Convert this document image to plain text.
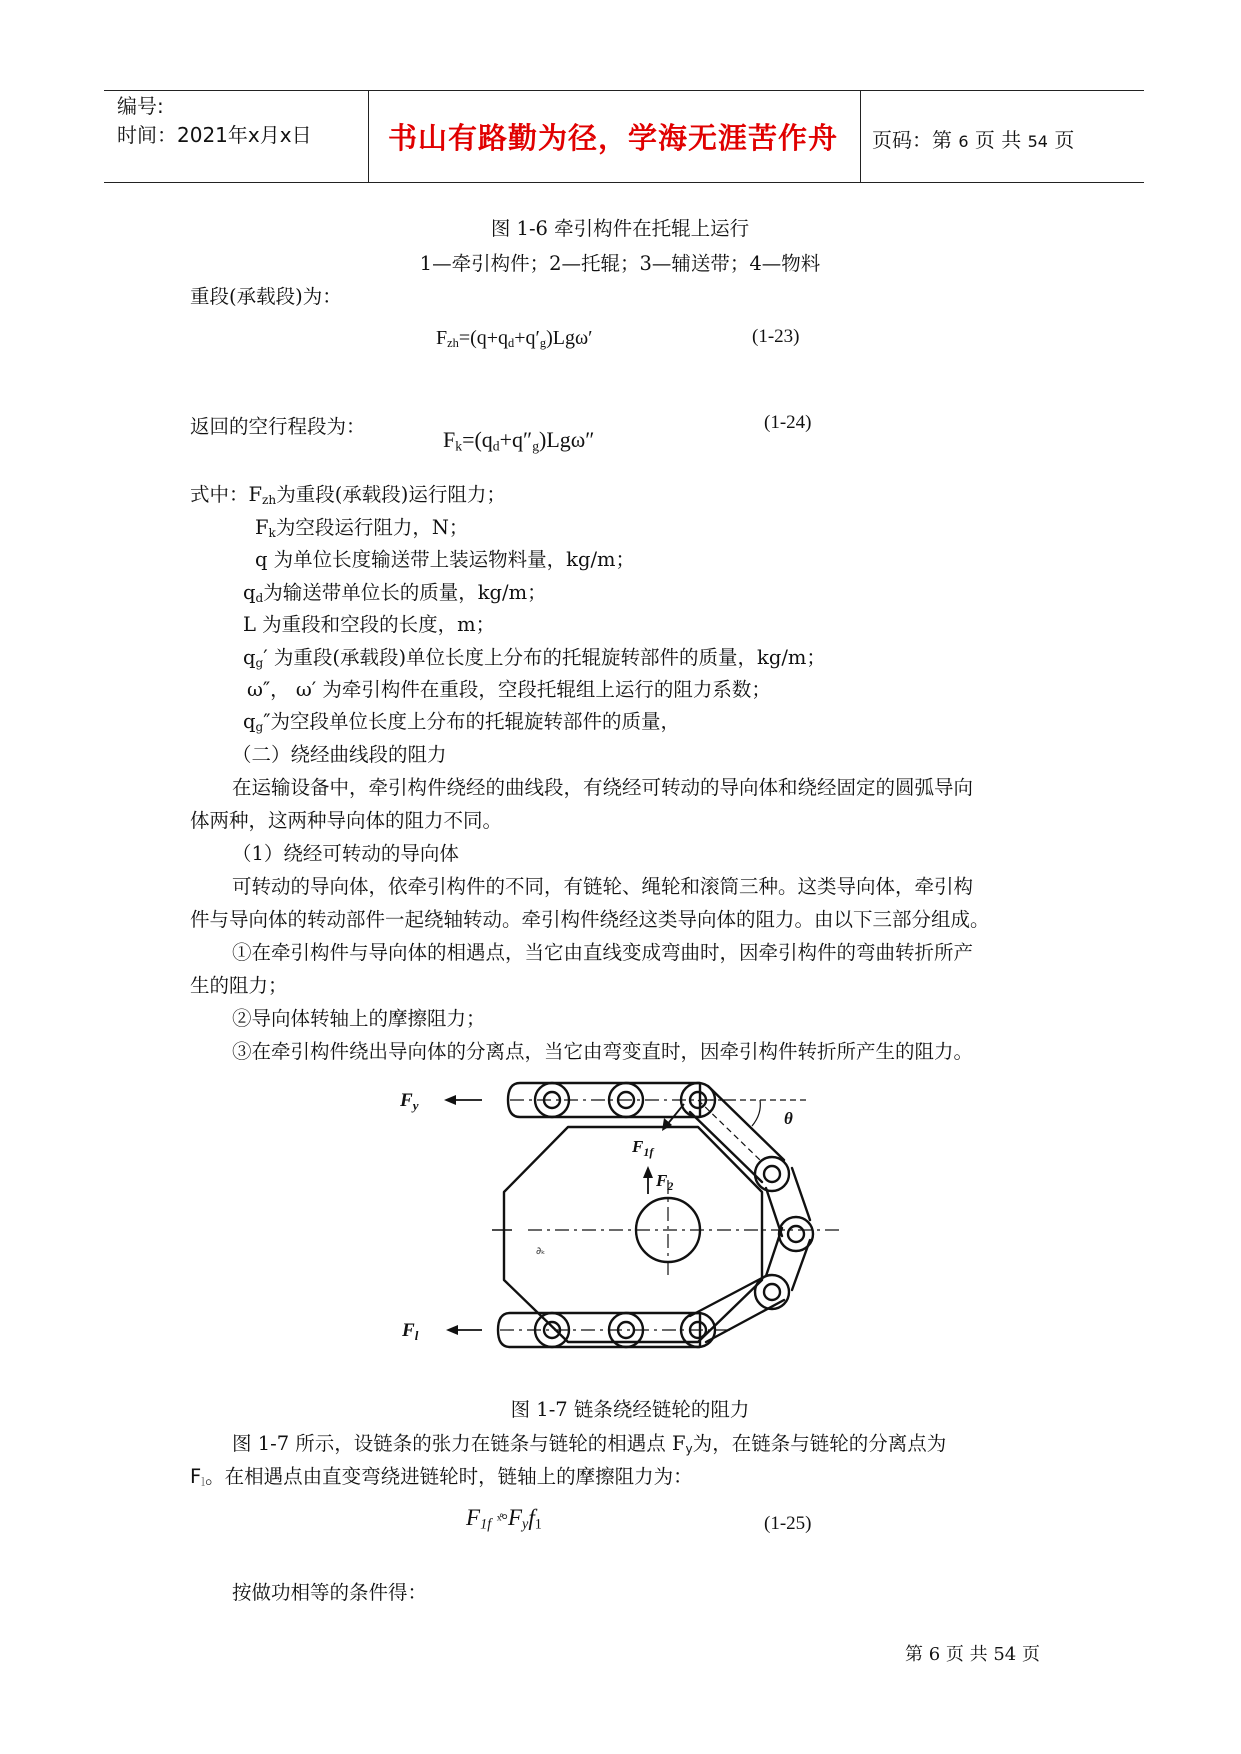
编号:
时间：2021年x月x日	书山有路勤为径，学海无涯苦作舟	页码：第 6 页 共 54 页
图 1-6 牵引构件在托辊上运行
1—牵引构件；2—托辊；3—辅送带；4—物料
重段(承载段)为：
$F_{zh}=(q+q_d+q'_g)Lg\omega'$	(1-23)
返回的空行程段为：
$F_k=(q_d+q''_g)Lg\omega''$
(1-24)
式中：$F_{zh}$为重段(承载段)运行阻力；
$F_k$为空段运行阻力，N；
q 为单位长度输送带上装运物料量，kg/m；
$q_d$为输送带单位长的质量，kg/m；
L 为重段和空段的长度，m；
$q_g'$ 为重段(承载段)单位长度上分布的托辊旋转部件的质量，kg/m；
ω″， ω′ 为牵引构件在重段，空段托辊组上运行的阻力系数；
$q_g''$为空段单位长度上分布的托辊旋转部件的质量，
（二）绕经曲线段的阻力
在运输设备中，牵引构件绕经的曲线段，有绕经可转动的导向体和绕经固定的圆弧导向
体两种，这两种导向体的阻力不同。
（1）绕经可转动的导向体
可转动的导向体，依牵引构件的不同，有链轮、绳轮和滚筒三种。这类导向体，牵引构
件与导向体的转动部件一起绕轴转动。牵引构件绕经这类导向体的阻力。由以下三部分组成。
①在牵引构件与导向体的相遇点，当它由直线变成弯曲时，因牵引构件的弯曲转折所产
生的阻力；
②导向体转轴上的摩擦阻力；
③在牵引构件绕出导向体的分离点，当它由弯变直时，因牵引构件转折所产生的阻力。
$F_y$
$F_l$
$F_{1f}$
$F_2$
θ
∂ₖ
图 1-7 链条绕经链轮的阻力
图 1-7 所示，设链条的张力在链条与链轮的相遇点 $F_y$为，在链条与链轮的分离点为
$F_l$。在相遇点由直变弯绕进链轮时，链轴上的摩擦阻力为：
$F_{1f}$ $ˣ̊^\circ F_yf_1$	(1-25)
按做功相等的条件得：
第 6 页 共 54 页
